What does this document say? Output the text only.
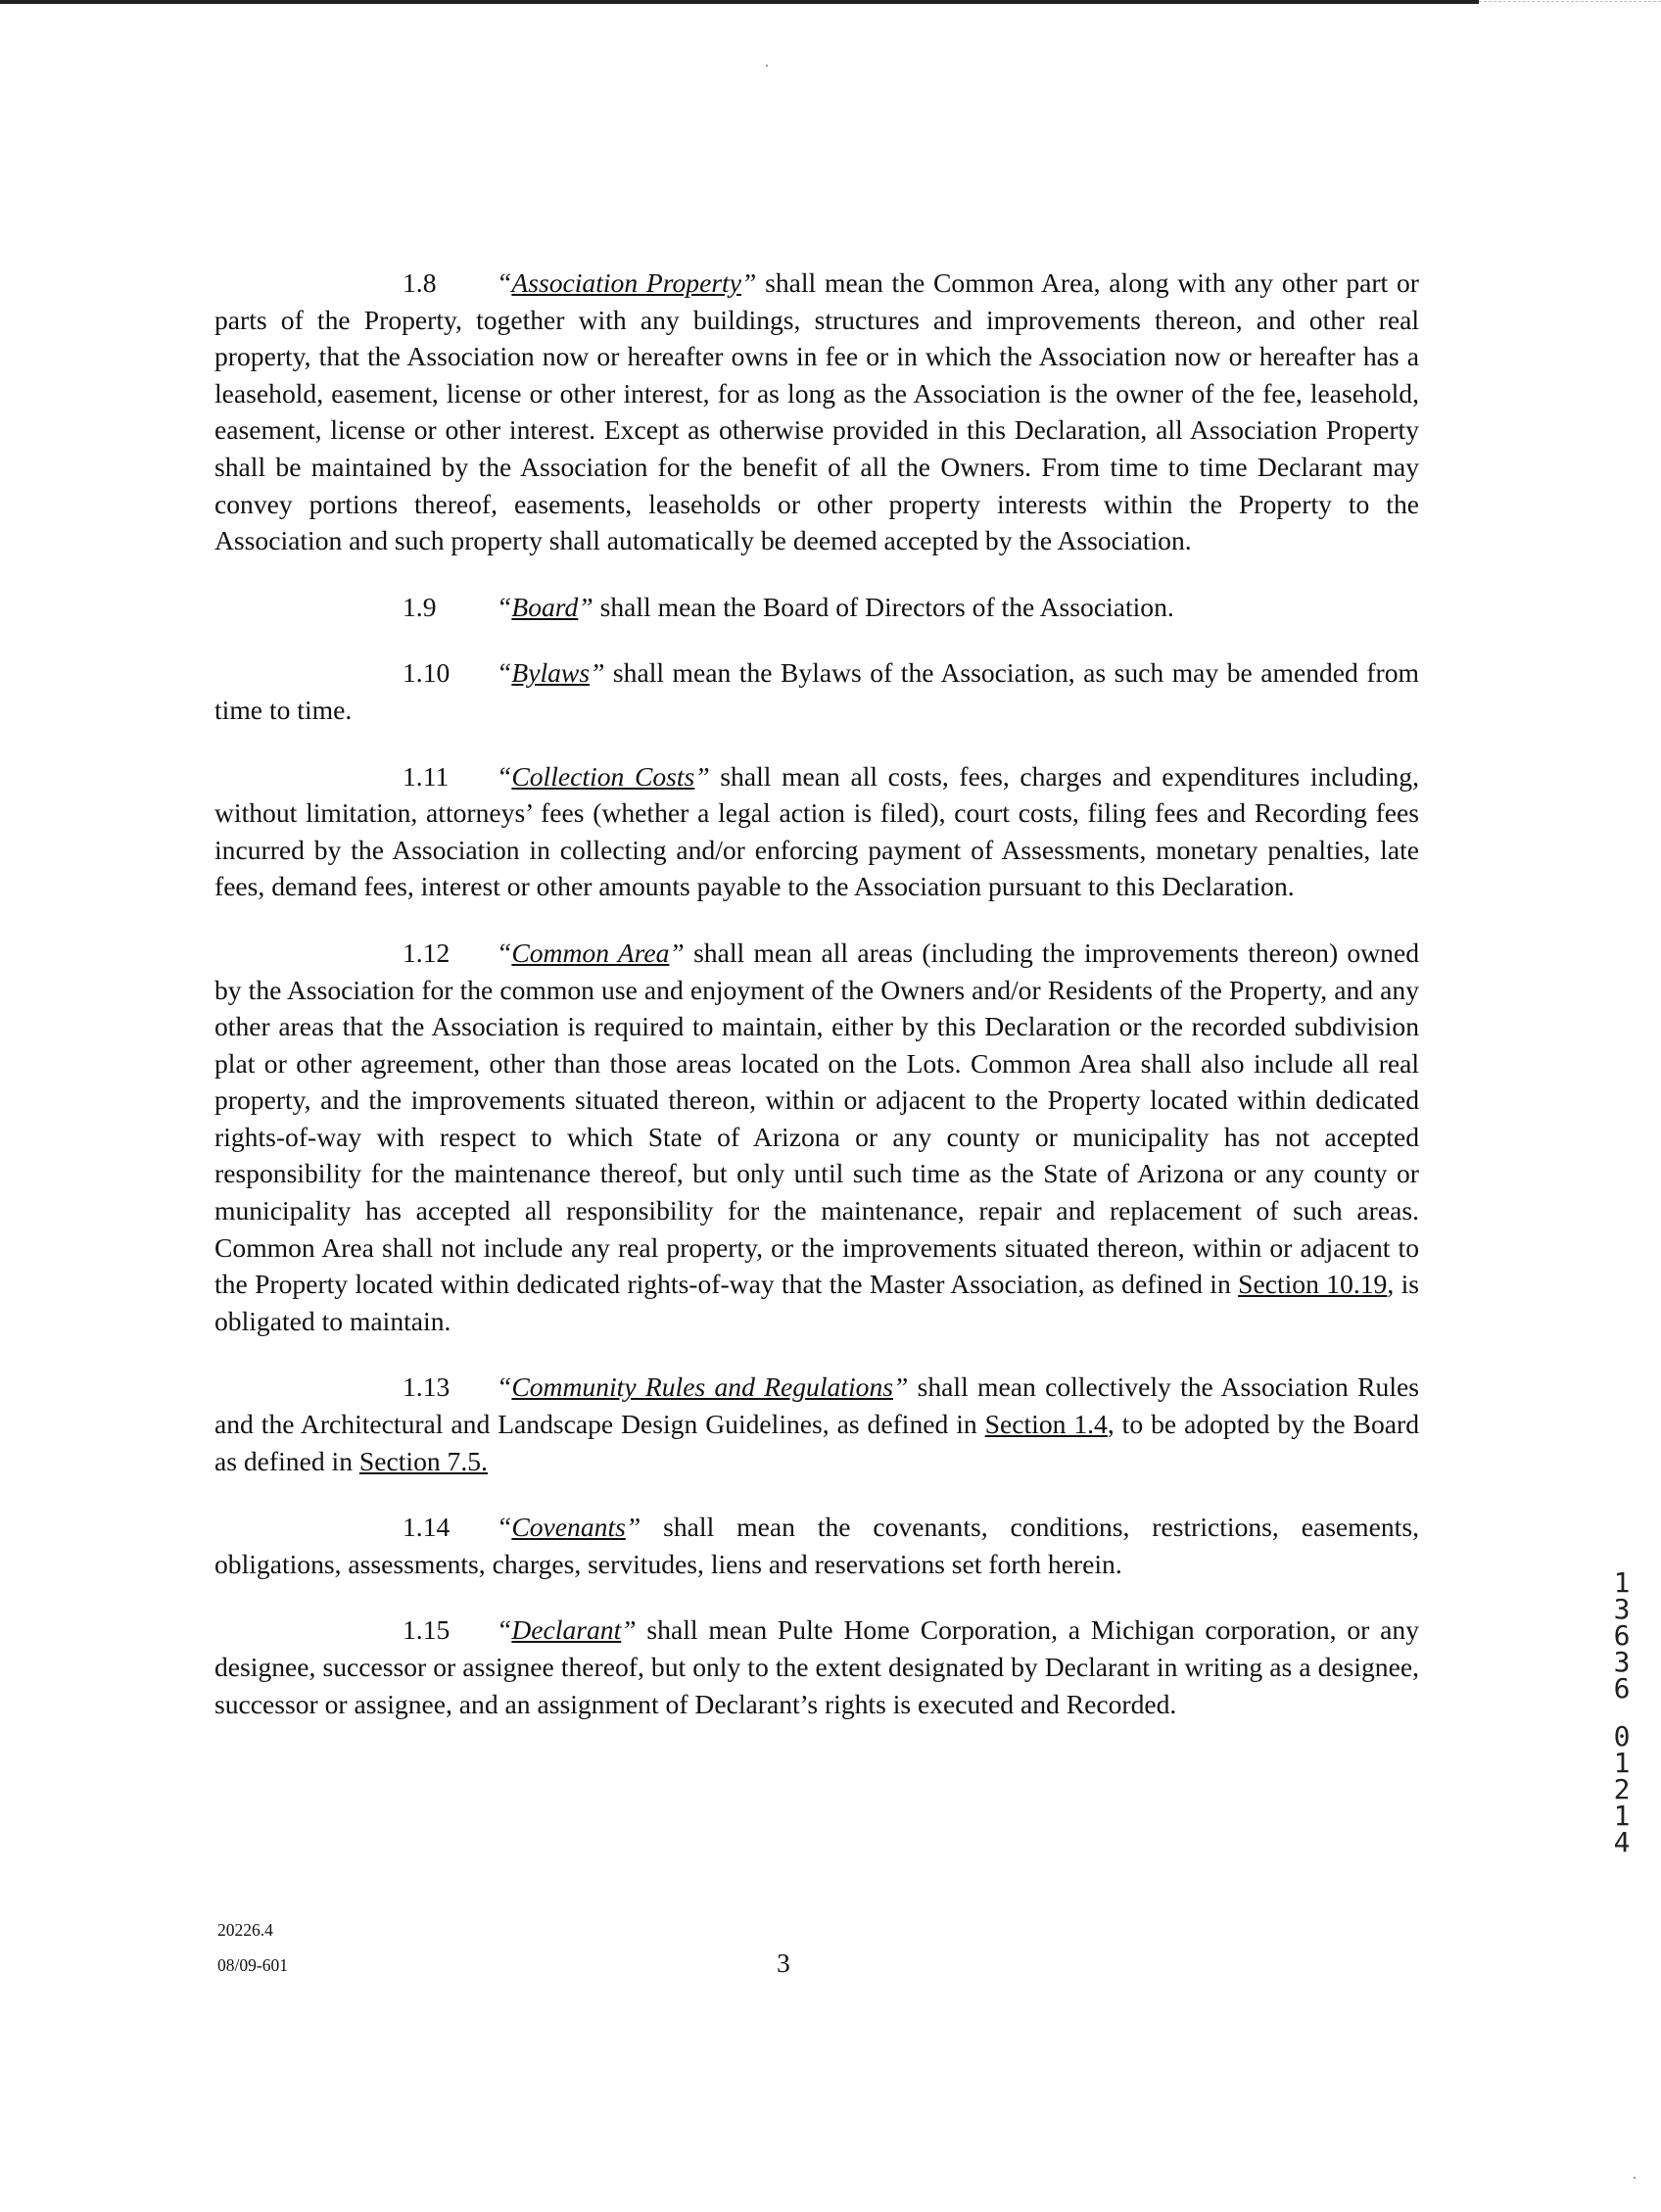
1.8 “Association Property” shall mean the Common Area, along with any other part or parts of the Property, together with any buildings, structures and improvements thereon, and other real property, that the Association now or hereafter owns in fee or in which the Association now or hereafter has a leasehold, easement, license or other interest, for as long as the Association is the owner of the fee, leasehold, easement, license or other interest. Except as otherwise provided in this Declaration, all Association Property shall be maintained by the Association for the benefit of all the Owners. From time to time Declarant may convey portions thereof, easements, leaseholds or other property interests within the Property to the Association and such property shall automatically be deemed accepted by the Association.

1.9 “Board” shall mean the Board of Directors of the Association.

1.10 “Bylaws” shall mean the Bylaws of the Association, as such may be amended from time to time.

1.11 “Collection Costs” shall mean all costs, fees, charges and expenditures including, without limitation, attorneys’ fees (whether a legal action is filed), court costs, filing fees and Recording fees incurred by the Association in collecting and/or enforcing payment of Assessments, monetary penalties, late fees, demand fees, interest or other amounts payable to the Association pursuant to this Declaration.

1.12 “Common Area” shall mean all areas (including the improvements thereon) owned by the Association for the common use and enjoyment of the Owners and/or Residents of the Property, and any other areas that the Association is required to maintain, either by this Declaration or the recorded subdivision plat or other agreement, other than those areas located on the Lots. Common Area shall also include all real property, and the improvements situated thereon, within or adjacent to the Property located within dedicated rights-of-way with respect to which State of Arizona or any county or municipality has not accepted responsibility for the maintenance thereof, but only until such time as the State of Arizona or any county or municipality has accepted all responsibility for the maintenance, repair and replacement of such areas. Common Area shall not include any real property, or the improvements situated thereon, within or adjacent to the Property located within dedicated rights-of-way that the Master Association, as defined in Section 10.19, is obligated to maintain.

1.13 “Community Rules and Regulations” shall mean collectively the Association Rules and the Architectural and Landscape Design Guidelines, as defined in Section 1.4, to be adopted by the Board as defined in Section 7.5.

1.14 “Covenants” shall mean the covenants, conditions, restrictions, easements, obligations, assessments, charges, servitudes, liens and reservations set forth herein.

1.15 “Declarant” shall mean Pulte Home Corporation, a Michigan corporation, or any designee, successor or assignee thereof, but only to the extent designated by Declarant in writing as a designee, successor or assignee, and an assignment of Declarant’s rights is executed and Recorded.

20226.4
08/09-601	3
1
3
6
3
6
0
1
2
1
4
